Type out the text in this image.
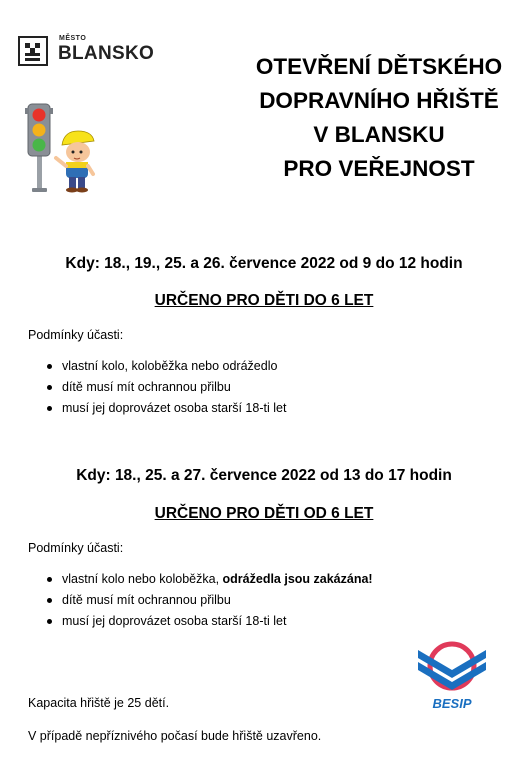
MĚSTO
BLANSKO
OTEVŘENÍ DĚTSKÉHO
DOPRAVNÍHO HŘIŠTĚ
V BLANSKU
PRO VEŘEJNOST
Kdy: 18., 19., 25. a 26. července 2022 od 9 do 12 hodin
URČENO PRO DĚTI DO 6 LET
Podmínky účasti:
vlastní kolo, koloběžka nebo odrážedlo
dítě musí mít ochrannou přilbu
musí jej doprovázet osoba starší 18-ti let
Kdy: 18., 25. a 27. července 2022 od 13 do 17 hodin
URČENO PRO DĚTI OD 6 LET
Podmínky účasti:
vlastní kolo nebo koloběžka, odrážedla jsou zakázána!
dítě musí mít ochrannou přilbu
musí jej doprovázet osoba starší 18-ti let
BESIP
Kapacita hřiště je 25 dětí.
V případě nepříznivého počasí bude hřiště uzavřeno.
